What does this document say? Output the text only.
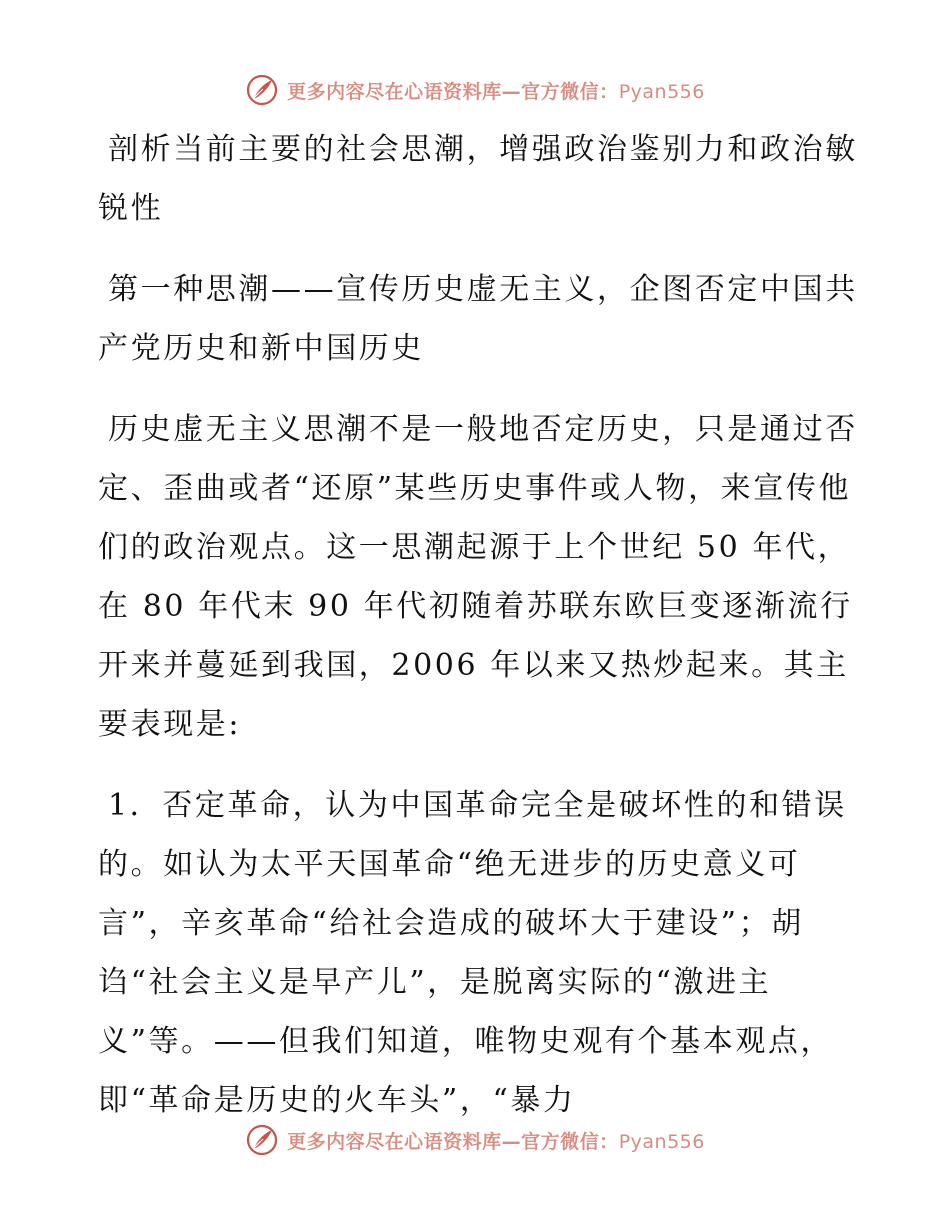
更多内容尽在心语资料库—官方微信：Pyan556

剖析当前主要的社会思潮，增强政治鉴别力和政治敏锐性

第一种思潮——宣传历史虚无主义，企图否定中国共产党历史和新中国历史

历史虚无主义思潮不是一般地否定历史，只是通过否定、歪曲或者“还原”某些历史事件或人物，来宣传他们的政治观点。这一思潮起源于上个世纪 50 年代，在 80 年代末 90 年代初随着苏联东欧巨变逐渐流行开来并蔓延到我国，2006 年以来又热炒起来。其主要表现是:

1．否定革命，认为中国革命完全是破坏性的和错误的。如认为太平天国革命“绝无进步的历史意义可言”，辛亥革命“给社会造成的破坏大于建设”；胡诌“社会主义是早产儿”，是脱离实际的“激进主义”等。——但我们知道，唯物史观有个基本观点，即“革命是历史的火车头”，“暴力

更多内容尽在心语资料库—官方微信：Pyan556
